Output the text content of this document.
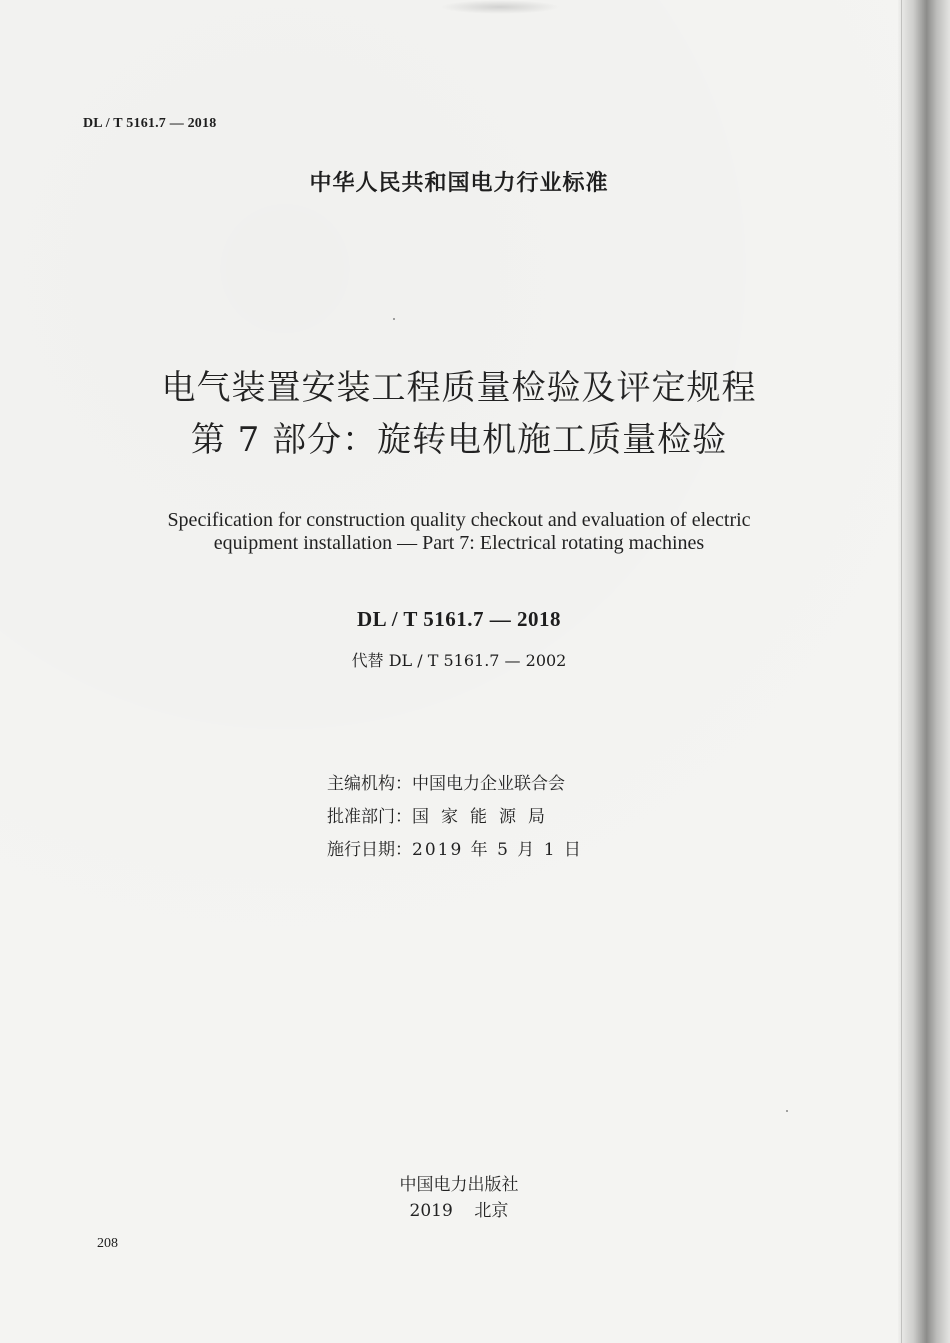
DL / T 5161.7 — 2018
中华人民共和国电力行业标准
电气装置安装工程质量检验及评定规程
第 7 部分：旋转电机施工质量检验
Specification for construction quality checkout and evaluation of electric
equipment installation — Part 7: Electrical rotating machines
DL / T 5161.7 — 2018
代替 DL / T 5161.7 — 2002
主编机构：中国电力企业联合会
批准部门：国家能源局
施行日期：2019 年 5 月 1 日
中国电力出版社
2019    北京
208
